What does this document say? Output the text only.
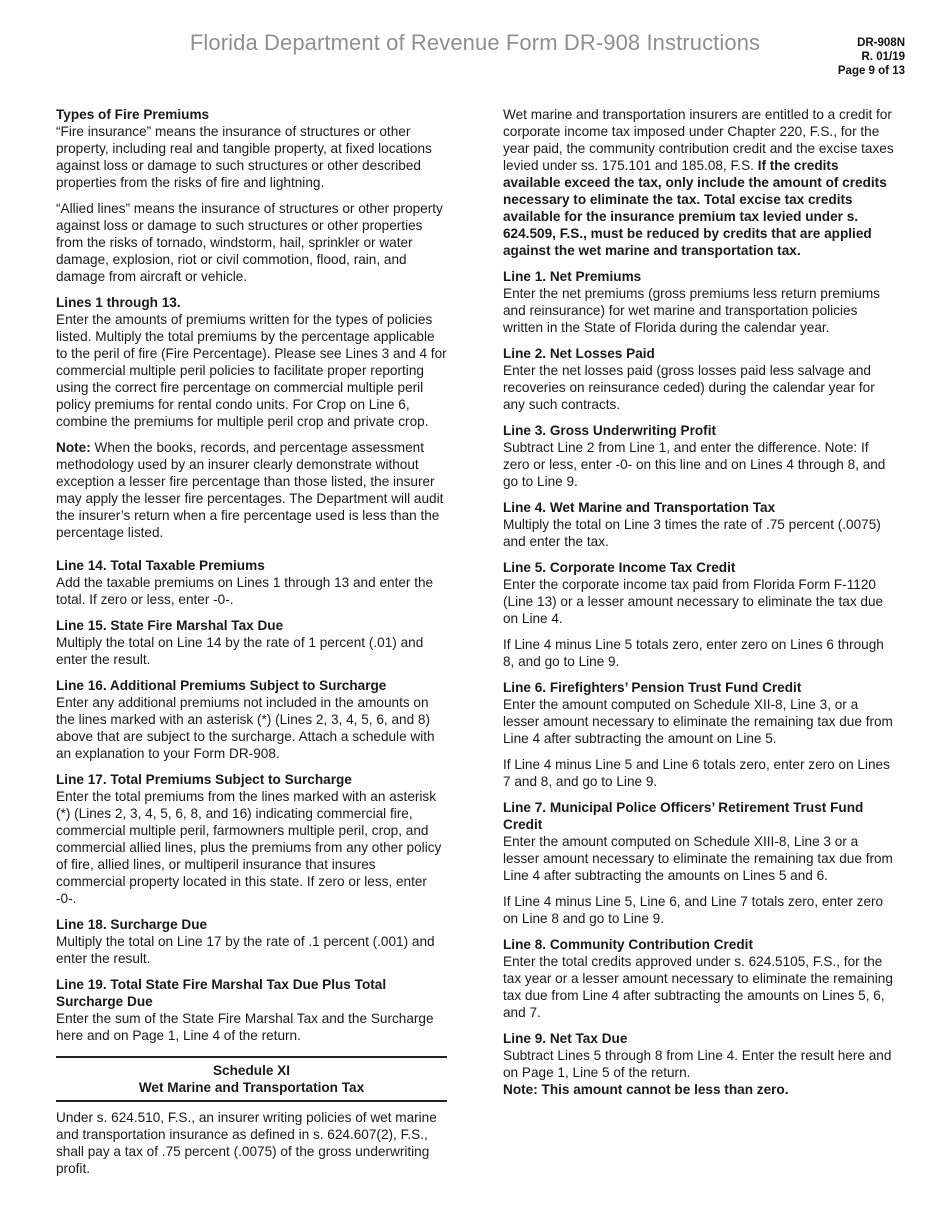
Florida Department of Revenue Form DR-908 Instructions	DR-908N
R. 01/19
Page 9 of 13
Types of Fire Premiums

“Fire insurance” means the insurance of structures or other property, including real and tangible property, at fixed locations against loss or damage to such structures or other described properties from the risks of fire and lightning.

“Allied lines” means the insurance of structures or other property against loss or damage to such structures or other properties from the risks of tornado, windstorm, hail, sprinkler or water damage, explosion, riot or civil commotion, flood, rain, and damage from aircraft or vehicle.

Lines 1 through 13.

Enter the amounts of premiums written for the types of policies listed. Multiply the total premiums by the percentage applicable to the peril of fire (Fire Percentage). Please see Lines 3 and 4 for commercial multiple peril policies to facilitate proper reporting using the correct fire percentage on commercial multiple peril policy premiums for rental condo units. For Crop on Line 6, combine the premiums for multiple peril crop and private crop.

Note: When the books, records, and percentage assessment methodology used by an insurer clearly demonstrate without exception a lesser fire percentage than those listed, the insurer may apply the lesser fire percentages. The Department will audit the insurer’s return when a fire percentage used is less than the percentage listed.

Line 14. Total Taxable Premiums

Add the taxable premiums on Lines 1 through 13 and enter the total. If zero or less, enter -0-.

Line 15. State Fire Marshal Tax Due

Multiply the total on Line 14 by the rate of 1 percent (.01) and enter the result.

Line 16. Additional Premiums Subject to Surcharge

Enter any additional premiums not included in the amounts on the lines marked with an asterisk (*) (Lines 2, 3, 4, 5, 6, and 8) above that are subject to the surcharge. Attach a schedule with an explanation to your Form DR-908.

Line 17. Total Premiums Subject to Surcharge

Enter the total premiums from the lines marked with an asterisk (*) (Lines 2, 3, 4, 5, 6, 8, and 16) indicating commercial fire, commercial multiple peril, farmowners multiple peril, crop, and commercial allied lines, plus the premiums from any other policy of fire, allied lines, or multiperil insurance that insures commercial property located in this state. If zero or less, enter -0-.

Line 18. Surcharge Due

Multiply the total on Line 17 by the rate of .1 percent (.001) and enter the result.

Line 19. Total State Fire Marshal Tax Due Plus Total Surcharge Due

Enter the sum of the State Fire Marshal Tax and the Surcharge here and on Page 1, Line 4 of the return.

Schedule XI
Wet Marine and Transportation Tax

Under s. 624.510, F.S., an insurer writing policies of wet marine and transportation insurance as defined in s. 624.607(2), F.S., shall pay a tax of .75 percent (.0075) of the gross underwriting profit.

Wet marine and transportation insurers are entitled to a credit for corporate income tax imposed under Chapter 220, F.S., for the year paid, the community contribution credit and the excise taxes levied under ss. 175.101 and 185.08, F.S. If the credits available exceed the tax, only include the amount of credits necessary to eliminate the tax. Total excise tax credits available for the insurance premium tax levied under s. 624.509, F.S., must be reduced by credits that are applied against the wet marine and transportation tax.

Line 1. Net Premiums

Enter the net premiums (gross premiums less return premiums and reinsurance) for wet marine and transportation policies written in the State of Florida during the calendar year.

Line 2. Net Losses Paid

Enter the net losses paid (gross losses paid less salvage and recoveries on reinsurance ceded) during the calendar year for any such contracts.

Line 3. Gross Underwriting Profit

Subtract Line 2 from Line 1, and enter the difference. Note: If zero or less, enter -0- on this line and on Lines 4 through 8, and go to Line 9.

Line 4. Wet Marine and Transportation Tax

Multiply the total on Line 3 times the rate of .75 percent (.0075) and enter the tax.

Line 5. Corporate Income Tax Credit

Enter the corporate income tax paid from Florida Form F-1120 (Line 13) or a lesser amount necessary to eliminate the tax due on Line 4.

If Line 4 minus Line 5 totals zero, enter zero on Lines 6 through 8, and go to Line 9.

Line 6. Firefighters’ Pension Trust Fund Credit

Enter the amount computed on Schedule XII-8, Line 3, or a lesser amount necessary to eliminate the remaining tax due from Line 4 after subtracting the amount on Line 5.

If Line 4 minus Line 5 and Line 6 totals zero, enter zero on Lines 7 and 8, and go to Line 9.

Line 7. Municipal Police Officers’ Retirement Trust Fund Credit

Enter the amount computed on Schedule XIII-8, Line 3 or a lesser amount necessary to eliminate the remaining tax due from Line 4 after subtracting the amounts on Lines 5 and 6.

If Line 4 minus Line 5, Line 6, and Line 7 totals zero, enter zero on Line 8 and go to Line 9.

Line 8. Community Contribution Credit

Enter the total credits approved under s. 624.5105, F.S., for the tax year or a lesser amount necessary to eliminate the remaining tax due from Line 4 after subtracting the amounts on Lines 5, 6, and 7.

Line 9. Net Tax Due

Subtract Lines 5 through 8 from Line 4. Enter the result here and on Page 1, Line 5 of the return.

Note: This amount cannot be less than zero.
